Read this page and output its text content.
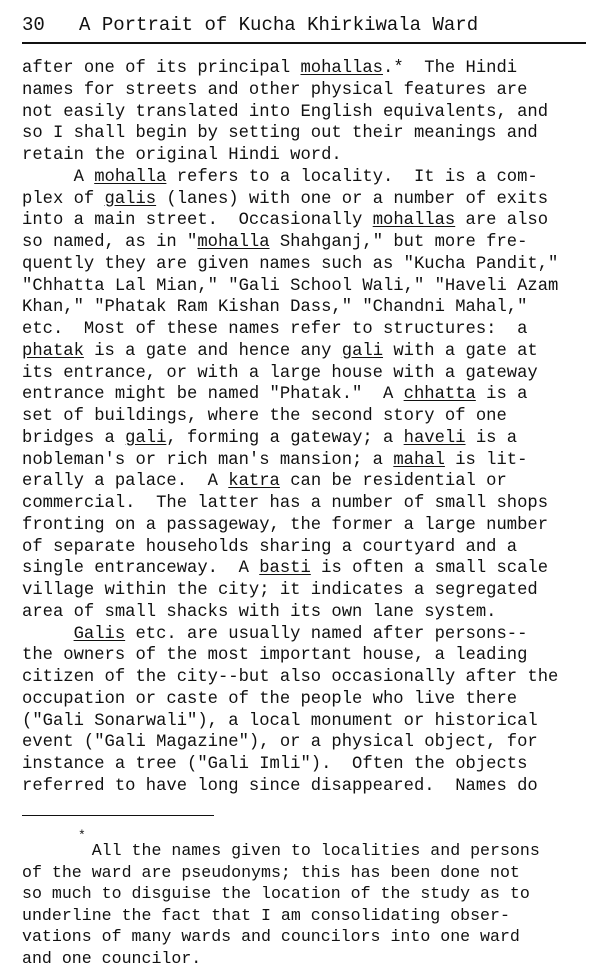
30 A Portrait of Kucha Khirkiwala Ward
after one of its principal mohallas.*  The Hindi
names for streets and other physical features are
not easily translated into English equivalents, and
so I shall begin by setting out their meanings and
retain the original Hindi word.
A mohalla refers to a locality.  It is a com-
plex of galis (lanes) with one or a number of exits
into a main street.  Occasionally mohallas are also
so named, as in "mohalla Shahganj," but more fre-
quently they are given names such as "Kucha Pandit,"
"Chhatta Lal Mian," "Gali School Wali," "Haveli Azam
Khan," "Phatak Ram Kishan Dass," "Chandni Mahal,"
etc.  Most of these names refer to structures:  a
phatak is a gate and hence any gali with a gate at
its entrance, or with a large house with a gateway
entrance might be named "Phatak."  A chhatta is a
set of buildings, where the second story of one
bridges a gali, forming a gateway; a haveli is a
nobleman's or rich man's mansion; a mahal is lit-
erally a palace.  A katra can be residential or
commercial.  The latter has a number of small shops
fronting on a passageway, the former a large number
of separate households sharing a courtyard and a
single entranceway.  A basti is often a small scale
village within the city; it indicates a segregated
area of small shacks with its own lane system.
Galis etc. are usually named after persons--
the owners of the most important house, a leading
citizen of the city--but also occasionally after the
occupation or caste of the people who live there
("Gali Sonarwali"), a local monument or historical
event ("Gali Magazine"), or a physical object, for
instance a tree ("Gali Imli").  Often the objects
referred to have long since disappeared.  Names do
*
All the names given to localities and persons
of the ward are pseudonyms; this has been done not
so much to disguise the location of the study as to
underline the fact that I am consolidating obser-
vations of many wards and councilors into one ward
and one councilor.
